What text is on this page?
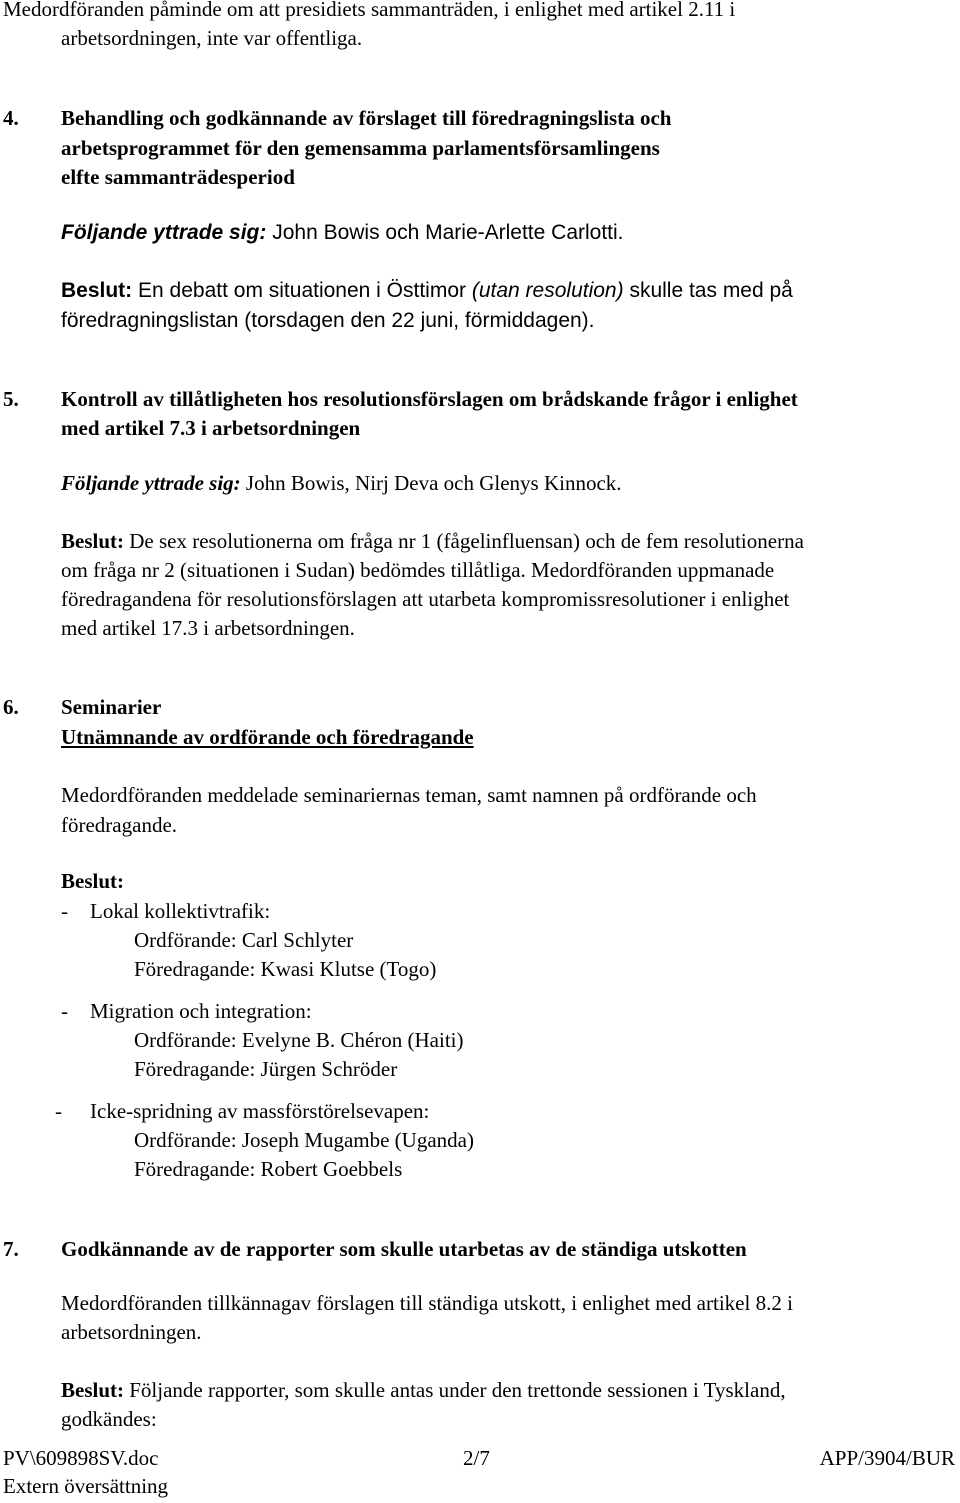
Medordföranden påminde om att presidiets sammanträden, i enlighet med artikel 2.11 i

arbetsordningen, inte var offentliga.

4. Behandling och godkännande av förslaget till föredragningslista och

arbetsprogrammet för den gemensamma parlamentsförsamlingens

elfte sammanträdesperiod

Följande yttrade sig: John Bowis och Marie-Arlette Carlotti.

Beslut: En debatt om situationen i Östtimor (utan resolution) skulle tas med på

föredragningslistan (torsdagen den 22 juni, förmiddagen).

5. Kontroll av tillåtligheten hos resolutionsförslagen om brådskande frågor i enlighet

med artikel 7.3 i arbetsordningen

Följande yttrade sig: John Bowis, Nirj Deva och Glenys Kinnock.

Beslut: De sex resolutionerna om fråga nr 1 (fågelinfluensan) och de fem resolutionerna

om fråga nr 2 (situationen i Sudan) bedömdes tillåtliga. Medordföranden uppmanade

föredragandena för resolutionsförslagen att utarbeta kompromissresolutioner i enlighet

med artikel 17.3 i arbetsordningen.

6. Seminarier

Utnämnande av ordförande och föredragande

Medordföranden meddelade seminariernas teman, samt namnen på ordförande och

föredragande.

Beslut:

- Lokal kollektivtrafik:

Ordförande: Carl Schlyter

Föredragande: Kwasi Klutse (Togo)

- Migration och integration:

Ordförande: Evelyne B. Chéron (Haiti)

Föredragande: Jürgen Schröder

- Icke-spridning av massförstörelsevapen:

Ordförande: Joseph Mugambe (Uganda)

Föredragande: Robert Goebbels

7. Godkännande av de rapporter som skulle utarbetas av de ständiga utskotten

Medordföranden tillkännagav förslagen till ständiga utskott, i enlighet med artikel 8.2 i

arbetsordningen.

Beslut: Följande rapporter, som skulle antas under den trettonde sessionen i Tyskland,

godkändes:

PV\609898SV.doc	2/7	APP/3904/BUR

Extern översättning
